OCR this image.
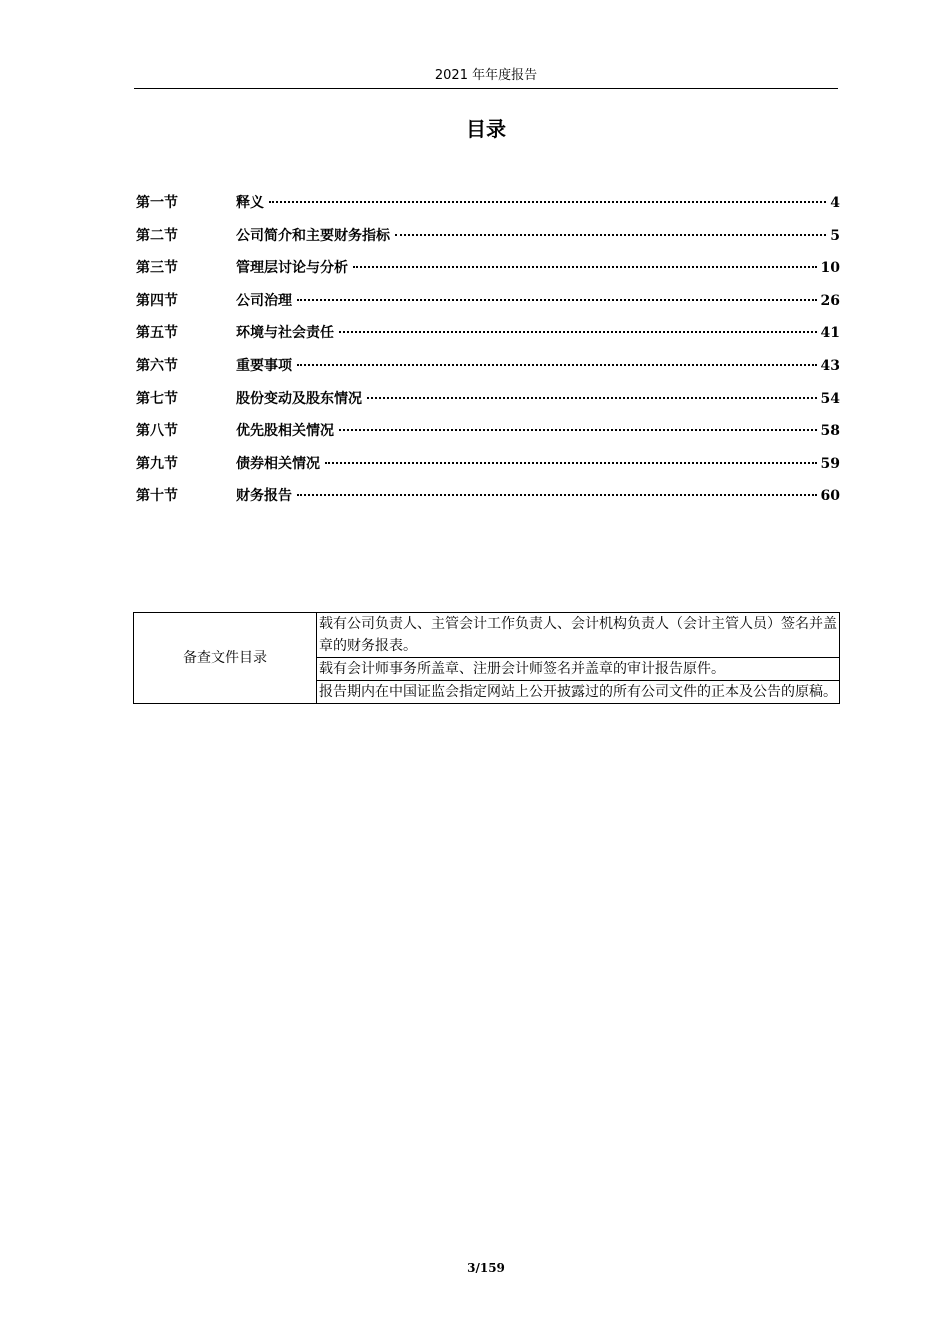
2021 年年度报告
目录
第一节	释义	4
第二节	公司简介和主要财务指标	5
第三节	管理层讨论与分析	10
第四节	公司治理	26
第五节	环境与社会责任	41
第六节	重要事项	43
第七节	股份变动及股东情况	54
第八节	优先股相关情况	58
第九节	债券相关情况	59
第十节	财务报告	60
备查文件目录	载有公司负责人、主管会计工作负责人、会计机构负责人（会计主管人员）签名并盖章的财务报表。
载有会计师事务所盖章、注册会计师签名并盖章的审计报告原件。
报告期内在中国证监会指定网站上公开披露过的所有公司文件的正本及公告的原稿。
3/159
